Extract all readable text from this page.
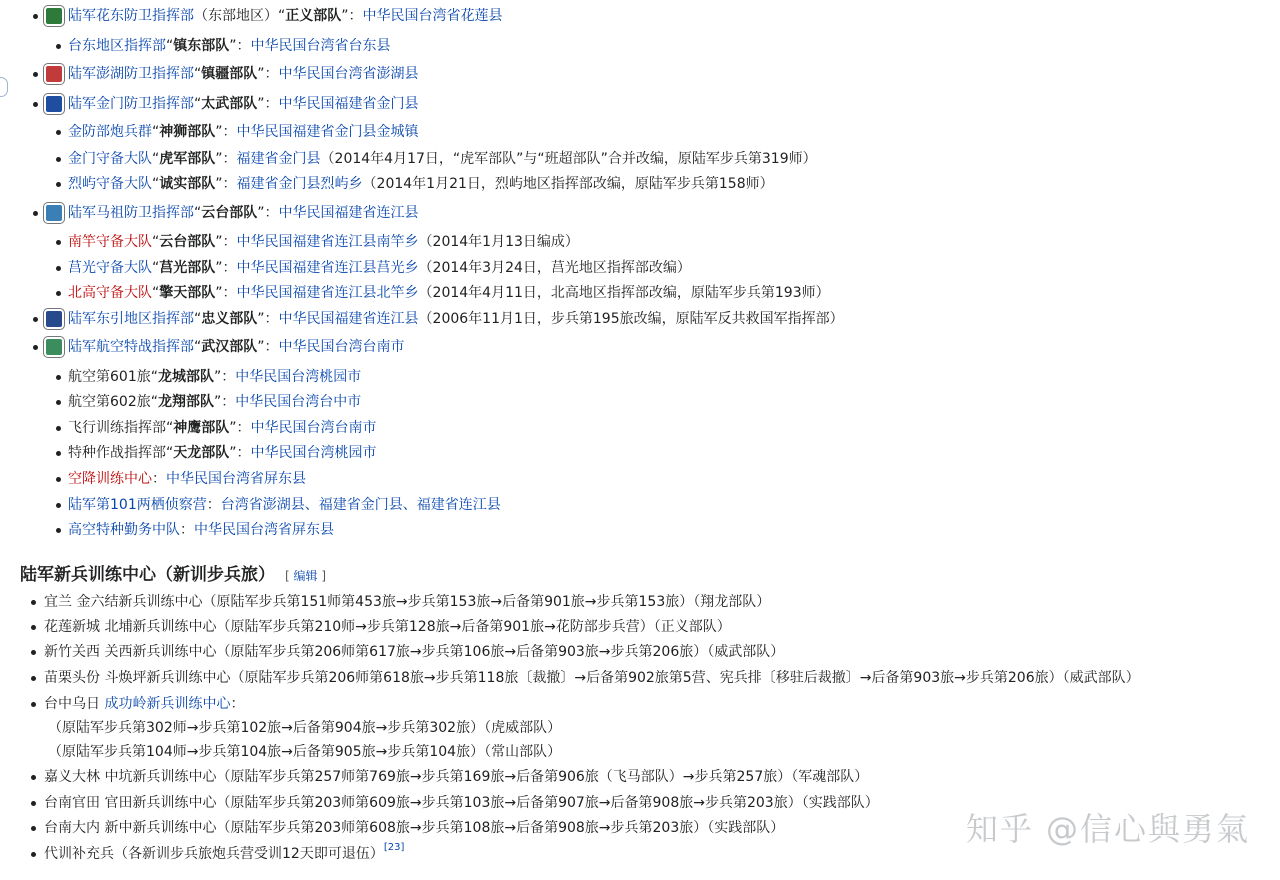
陆军花东防卫指挥部（东部地区）“正义部队”：中华民国台湾省花莲县
台东地区指挥部“镇东部队”：中华民国台湾省台东县
陆军澎湖防卫指挥部“镇疆部队”：中华民国台湾省澎湖县
陆军金门防卫指挥部“太武部队”：中华民国福建省金门县
金防部炮兵群“神狮部队”：中华民国福建省金门县金城镇
金门守备大队“虎军部队”：福建省金门县（2014年4月17日，“虎军部队”与“班超部队”合并改编，原陆军步兵第319师）
烈屿守备大队“诚实部队”：福建省金门县烈屿乡（2014年1月21日，烈屿地区指挥部改编，原陆军步兵第158师）
陆军马祖防卫指挥部“云台部队”：中华民国福建省连江县
南竿守备大队“云台部队”：中华民国福建省连江县南竿乡（2014年1月13日编成）
莒光守备大队“莒光部队”：中华民国福建省连江县莒光乡（2014年3月24日，莒光地区指挥部改编）
北高守备大队“擎天部队”：中华民国福建省连江县北竿乡（2014年4月11日，北高地区指挥部改编，原陆军步兵第193师）
陆军东引地区指挥部“忠义部队”：中华民国福建省连江县（2006年11月1日，步兵第195旅改编，原陆军反共救国军指挥部）
陆军航空特战指挥部“武汉部队”：中华民国台湾台南市
航空第601旅“龙城部队”：中华民国台湾桃园市
航空第602旅“龙翔部队”：中华民国台湾台中市
飞行训练指挥部“神鹰部队”：中华民国台湾台南市
特种作战指挥部“天龙部队”：中华民国台湾桃园市
空降训练中心：中华民国台湾省屏东县
陆军第101两栖侦察营：台湾省澎湖县、福建省金门县、福建省连江县
高空特种勤务中队：中华民国台湾省屏东县
陆军新兵训练中心（新训步兵旅） [ 编辑 ]
宜兰 金六结新兵训练中心（原陆军步兵第151师第453旅→步兵第153旅→后备第901旅→步兵第153旅）（翔龙部队）
花莲新城 北埔新兵训练中心（原陆军步兵第210师→步兵第128旅→后备第901旅→花防部步兵营）（正义部队）
新竹关西 关西新兵训练中心（原陆军步兵第206师第617旅→步兵第106旅→后备第903旅→步兵第206旅）（威武部队）
苗栗头份 斗焕坪新兵训练中心（原陆军步兵第206师第618旅→步兵第118旅〔裁撤〕→后备第902旅第5营、宪兵排〔移驻后裁撤〕→后备第903旅→步兵第206旅）（威武部队）
台中乌日 成功岭新兵训练中心：
（原陆军步兵第302师→步兵第102旅→后备第904旅→步兵第302旅）（虎威部队）
（原陆军步兵第104师→步兵第104旅→后备第905旅→步兵第104旅）（常山部队）
嘉义大林 中坑新兵训练中心（原陆军步兵第257师第769旅→步兵第169旅→后备第906旅（飞马部队）→步兵第257旅）（军魂部队）
台南官田 官田新兵训练中心（原陆军步兵第203师第609旅→步兵第103旅→后备第907旅→后备第908旅→步兵第203旅）（实践部队）
台南大内 新中新兵训练中心（原陆军步兵第203师第608旅→步兵第108旅→后备第908旅→步兵第203旅）（实践部队）
代训补充兵（各新训步兵旅炮兵营受训12天即可退伍）[23]	知乎 @信心與勇氣
